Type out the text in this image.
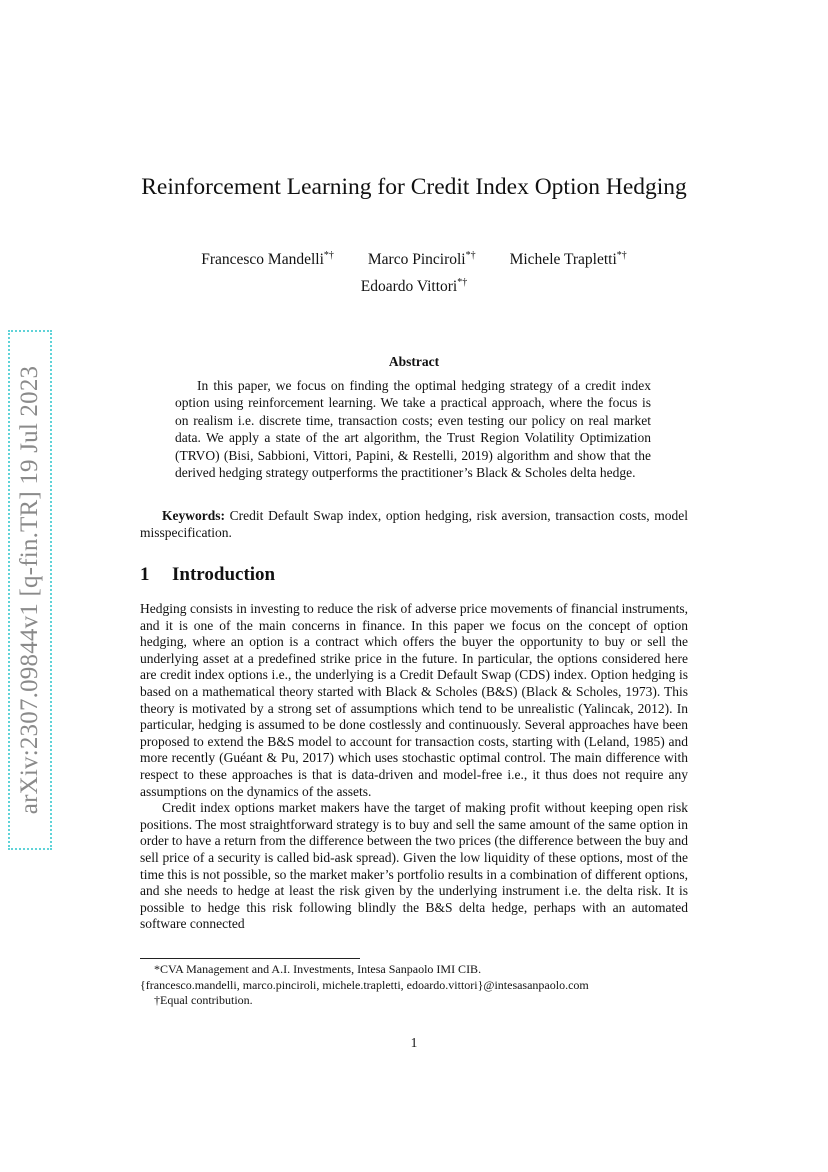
arXiv:2307.09844v1 [q-fin.TR] 19 Jul 2023
Reinforcement Learning for Credit Index Option Hedging
Francesco Mandelli*† Marco Pinciroli*† Michele Trapletti*†
Edoardo Vittori*†
Abstract

In this paper, we focus on finding the optimal hedging strategy of a credit index option using reinforcement learning. We take a practical approach, where the focus is on realism i.e. discrete time, transaction costs; even testing our policy on real market data. We apply a state of the art algorithm, the Trust Region Volatility Optimization (TRVO) (Bisi, Sabbioni, Vittori, Papini, & Restelli, 2019) algorithm and show that the derived hedging strategy outperforms the practitioner’s Black & Scholes delta hedge.

Keywords: Credit Default Swap index, option hedging, risk aversion, transaction costs, model misspecification.

1 Introduction

Hedging consists in investing to reduce the risk of adverse price movements of financial instruments, and it is one of the main concerns in finance. In this paper we focus on the concept of option hedging, where an option is a contract which offers the buyer the opportunity to buy or sell the underlying asset at a predefined strike price in the future. In particular, the options considered here are credit index options i.e., the underlying is a Credit Default Swap (CDS) index. Option hedging is based on a mathematical theory started with Black & Scholes (B&S) (Black & Scholes, 1973). This theory is motivated by a strong set of assumptions which tend to be unrealistic (Yalincak, 2012). In particular, hedging is assumed to be done costlessly and continuously. Several approaches have been proposed to extend the B&S model to account for transaction costs, starting with (Leland, 1985) and more recently (Guéant & Pu, 2017) which uses stochastic optimal control. The main difference with respect to these approaches is that is data-driven and model-free i.e., it thus does not require any assumptions on the dynamics of the assets.

Credit index options market makers have the target of making profit without keeping open risk positions. The most straightforward strategy is to buy and sell the same amount of the same option in order to have a return from the difference between the two prices (the difference between the buy and sell price of a security is called bid-ask spread). Given the low liquidity of these options, most of the time this is not possible, so the market maker’s portfolio results in a combination of different options, and she needs to hedge at least the risk given by the underlying instrument i.e. the delta risk. It is possible to hedge this risk following blindly the B&S delta hedge, perhaps with an automated software connected

*CVA Management and A.I. Investments, Intesa Sanpaolo IMI CIB.

{francesco.mandelli, marco.pinciroli, michele.trapletti, edoardo.vittori}@intesasanpaolo.com

†Equal contribution.

1
